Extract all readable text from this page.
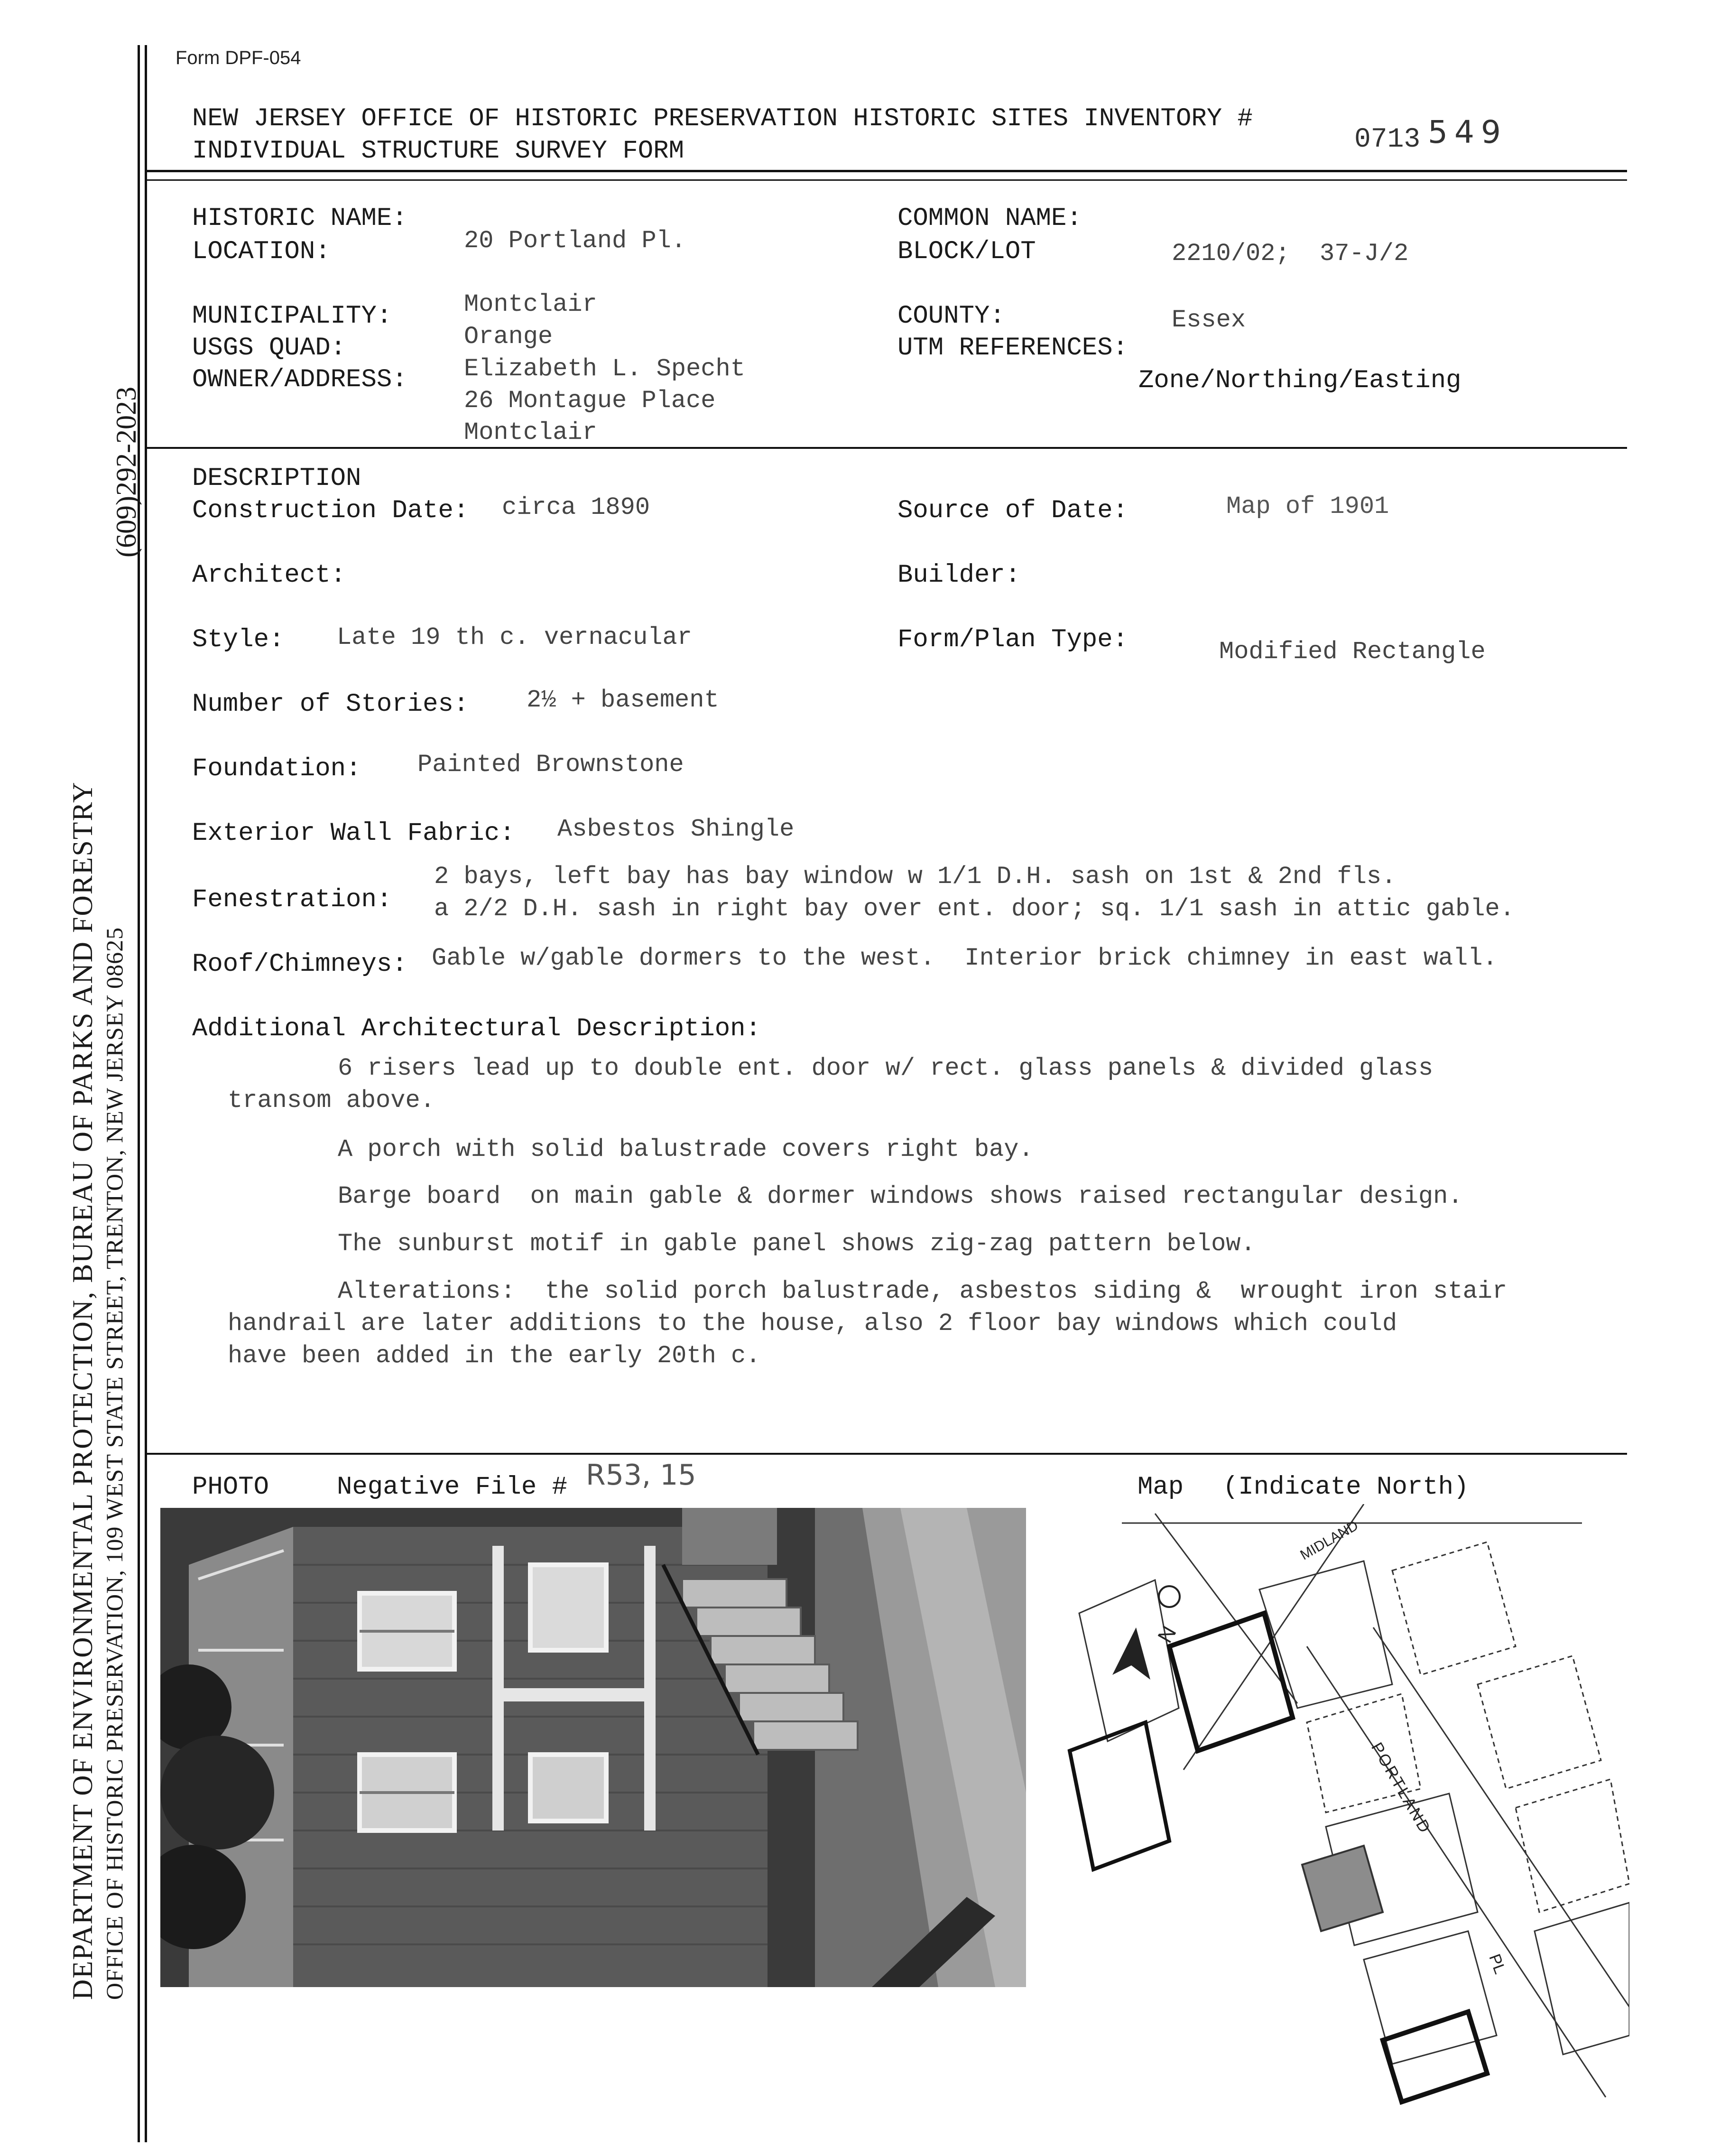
(609)292-2023
DEPARTMENT OF ENVIRONMENTAL PROTECTION, BUREAU OF PARKS AND FORESTRY OFFICE OF HISTORIC PRESERVATION, 109 WEST STATE STREET, TRENTON, NEW JERSEY 08625
Form DPF-054
NEW JERSEY OFFICE OF HISTORIC PRESERVATION HISTORIC SITES INVENTORY #
INDIVIDUAL STRUCTURE SURVEY FORM	0713 549
HISTORIC NAME:
LOCATION:	20 Portland Pl.
COMMON NAME:
BLOCK/LOT	2210/02;  37-J/2
MUNICIPALITY:	Montclair
USGS QUAD:	Orange
OWNER/ADDRESS: Elizabeth L. Specht
26 Montague Place
Montclair
COUNTY:	Essex
UTM REFERENCES:
Zone/Northing/Easting
DESCRIPTION
Construction Date: circa 1890	Source of Date:	Map of 1901
Architect:	Builder:
Style: Late 19 th c. vernacular	Form/Plan Type:	Modified Rectangle
Number of Stories: 2½ + basement
Foundation: Painted Brownstone
Exterior Wall Fabric: Asbestos Shingle
Fenestration:
2 bays, left bay has bay window w 1/1 D.H. sash on 1st & 2nd fls.
a 2/2 D.H. sash in right bay over ent. door; sq. 1/1 sash in attic gable.
Roof/Chimneys: Gable w/gable dormers to the west.  Interior brick chimney in east wall.
Additional Architectural Description:
6 risers lead up to double ent. door w/ rect. glass panels & divided glass
transom above.
A porch with solid balustrade covers right bay.
Barge board  on main gable & dormer windows shows raised rectangular design.
The sunburst motif in gable panel shows zig-zag pattern below.
Alterations:  the solid porch balustrade, asbestos siding &  wrought iron stair
handrail are later additions to the house, also 2 floor bay windows which could
have been added in the early 20th c.
PHOTO	Negative File # R53, 15	Map (Indicate North)
MIDLAND
PORTLAND
PL
N
